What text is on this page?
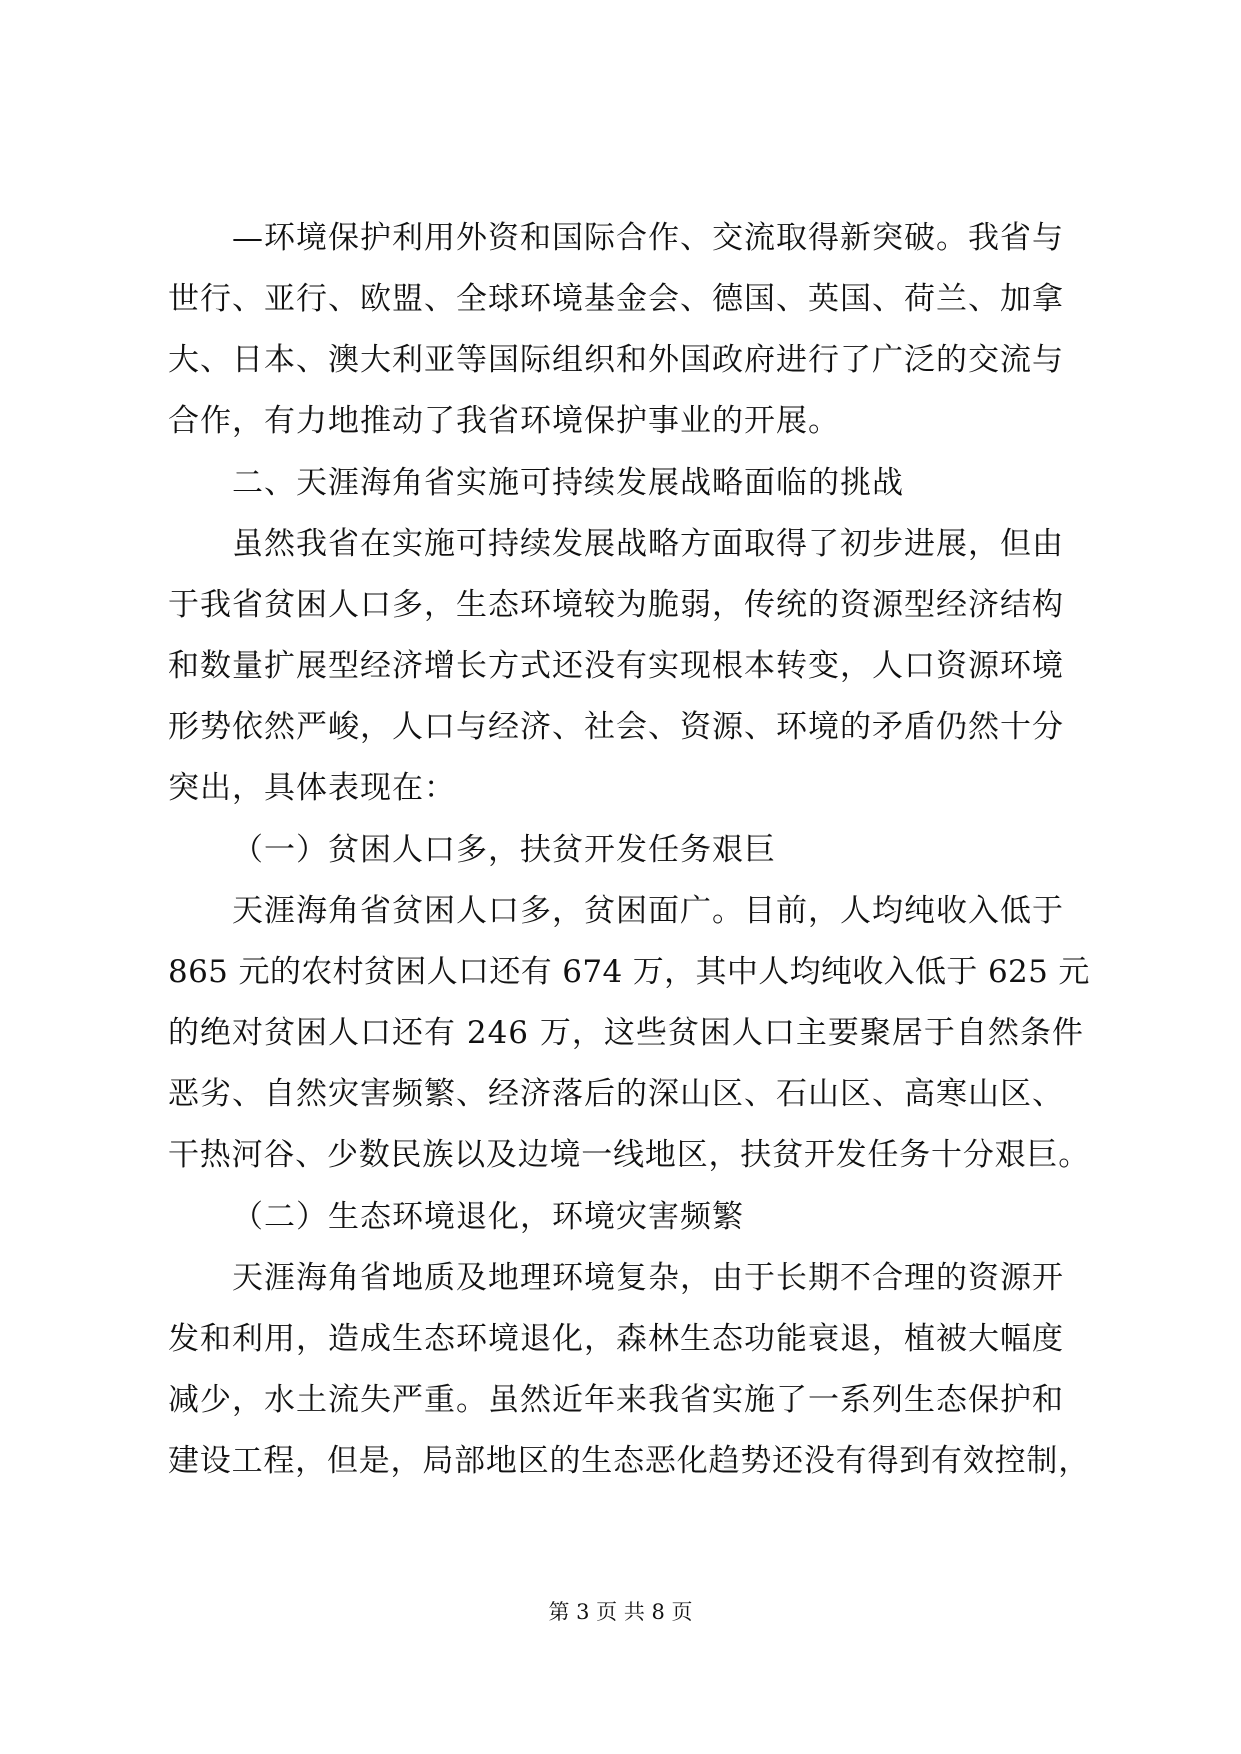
—环境保护利用外资和国际合作、交流取得新突破。我省与
世行、亚行、欧盟、全球环境基金会、德国、英国、荷兰、加拿
大、日本、澳大利亚等国际组织和外国政府进行了广泛的交流与
合作，有力地推动了我省环境保护事业的开展。
二、天涯海角省实施可持续发展战略面临的挑战
虽然我省在实施可持续发展战略方面取得了初步进展，但由
于我省贫困人口多，生态环境较为脆弱，传统的资源型经济结构
和数量扩展型经济增长方式还没有实现根本转变，人口资源环境
形势依然严峻，人口与经济、社会、资源、环境的矛盾仍然十分
突出，具体表现在：
（一）贫困人口多，扶贫开发任务艰巨
天涯海角省贫困人口多，贫困面广。目前，人均纯收入低于
865 元的农村贫困人口还有 674 万，其中人均纯收入低于 625 元
的绝对贫困人口还有 246 万，这些贫困人口主要聚居于自然条件
恶劣、自然灾害频繁、经济落后的深山区、石山区、高寒山区、
干热河谷、少数民族以及边境一线地区，扶贫开发任务十分艰巨。
（二）生态环境退化，环境灾害频繁
天涯海角省地质及地理环境复杂，由于长期不合理的资源开
发和利用，造成生态环境退化，森林生态功能衰退，植被大幅度
减少，水土流失严重。虽然近年来我省实施了一系列生态保护和
建设工程，但是，局部地区的生态恶化趋势还没有得到有效控制，
第 3 页 共 8 页
